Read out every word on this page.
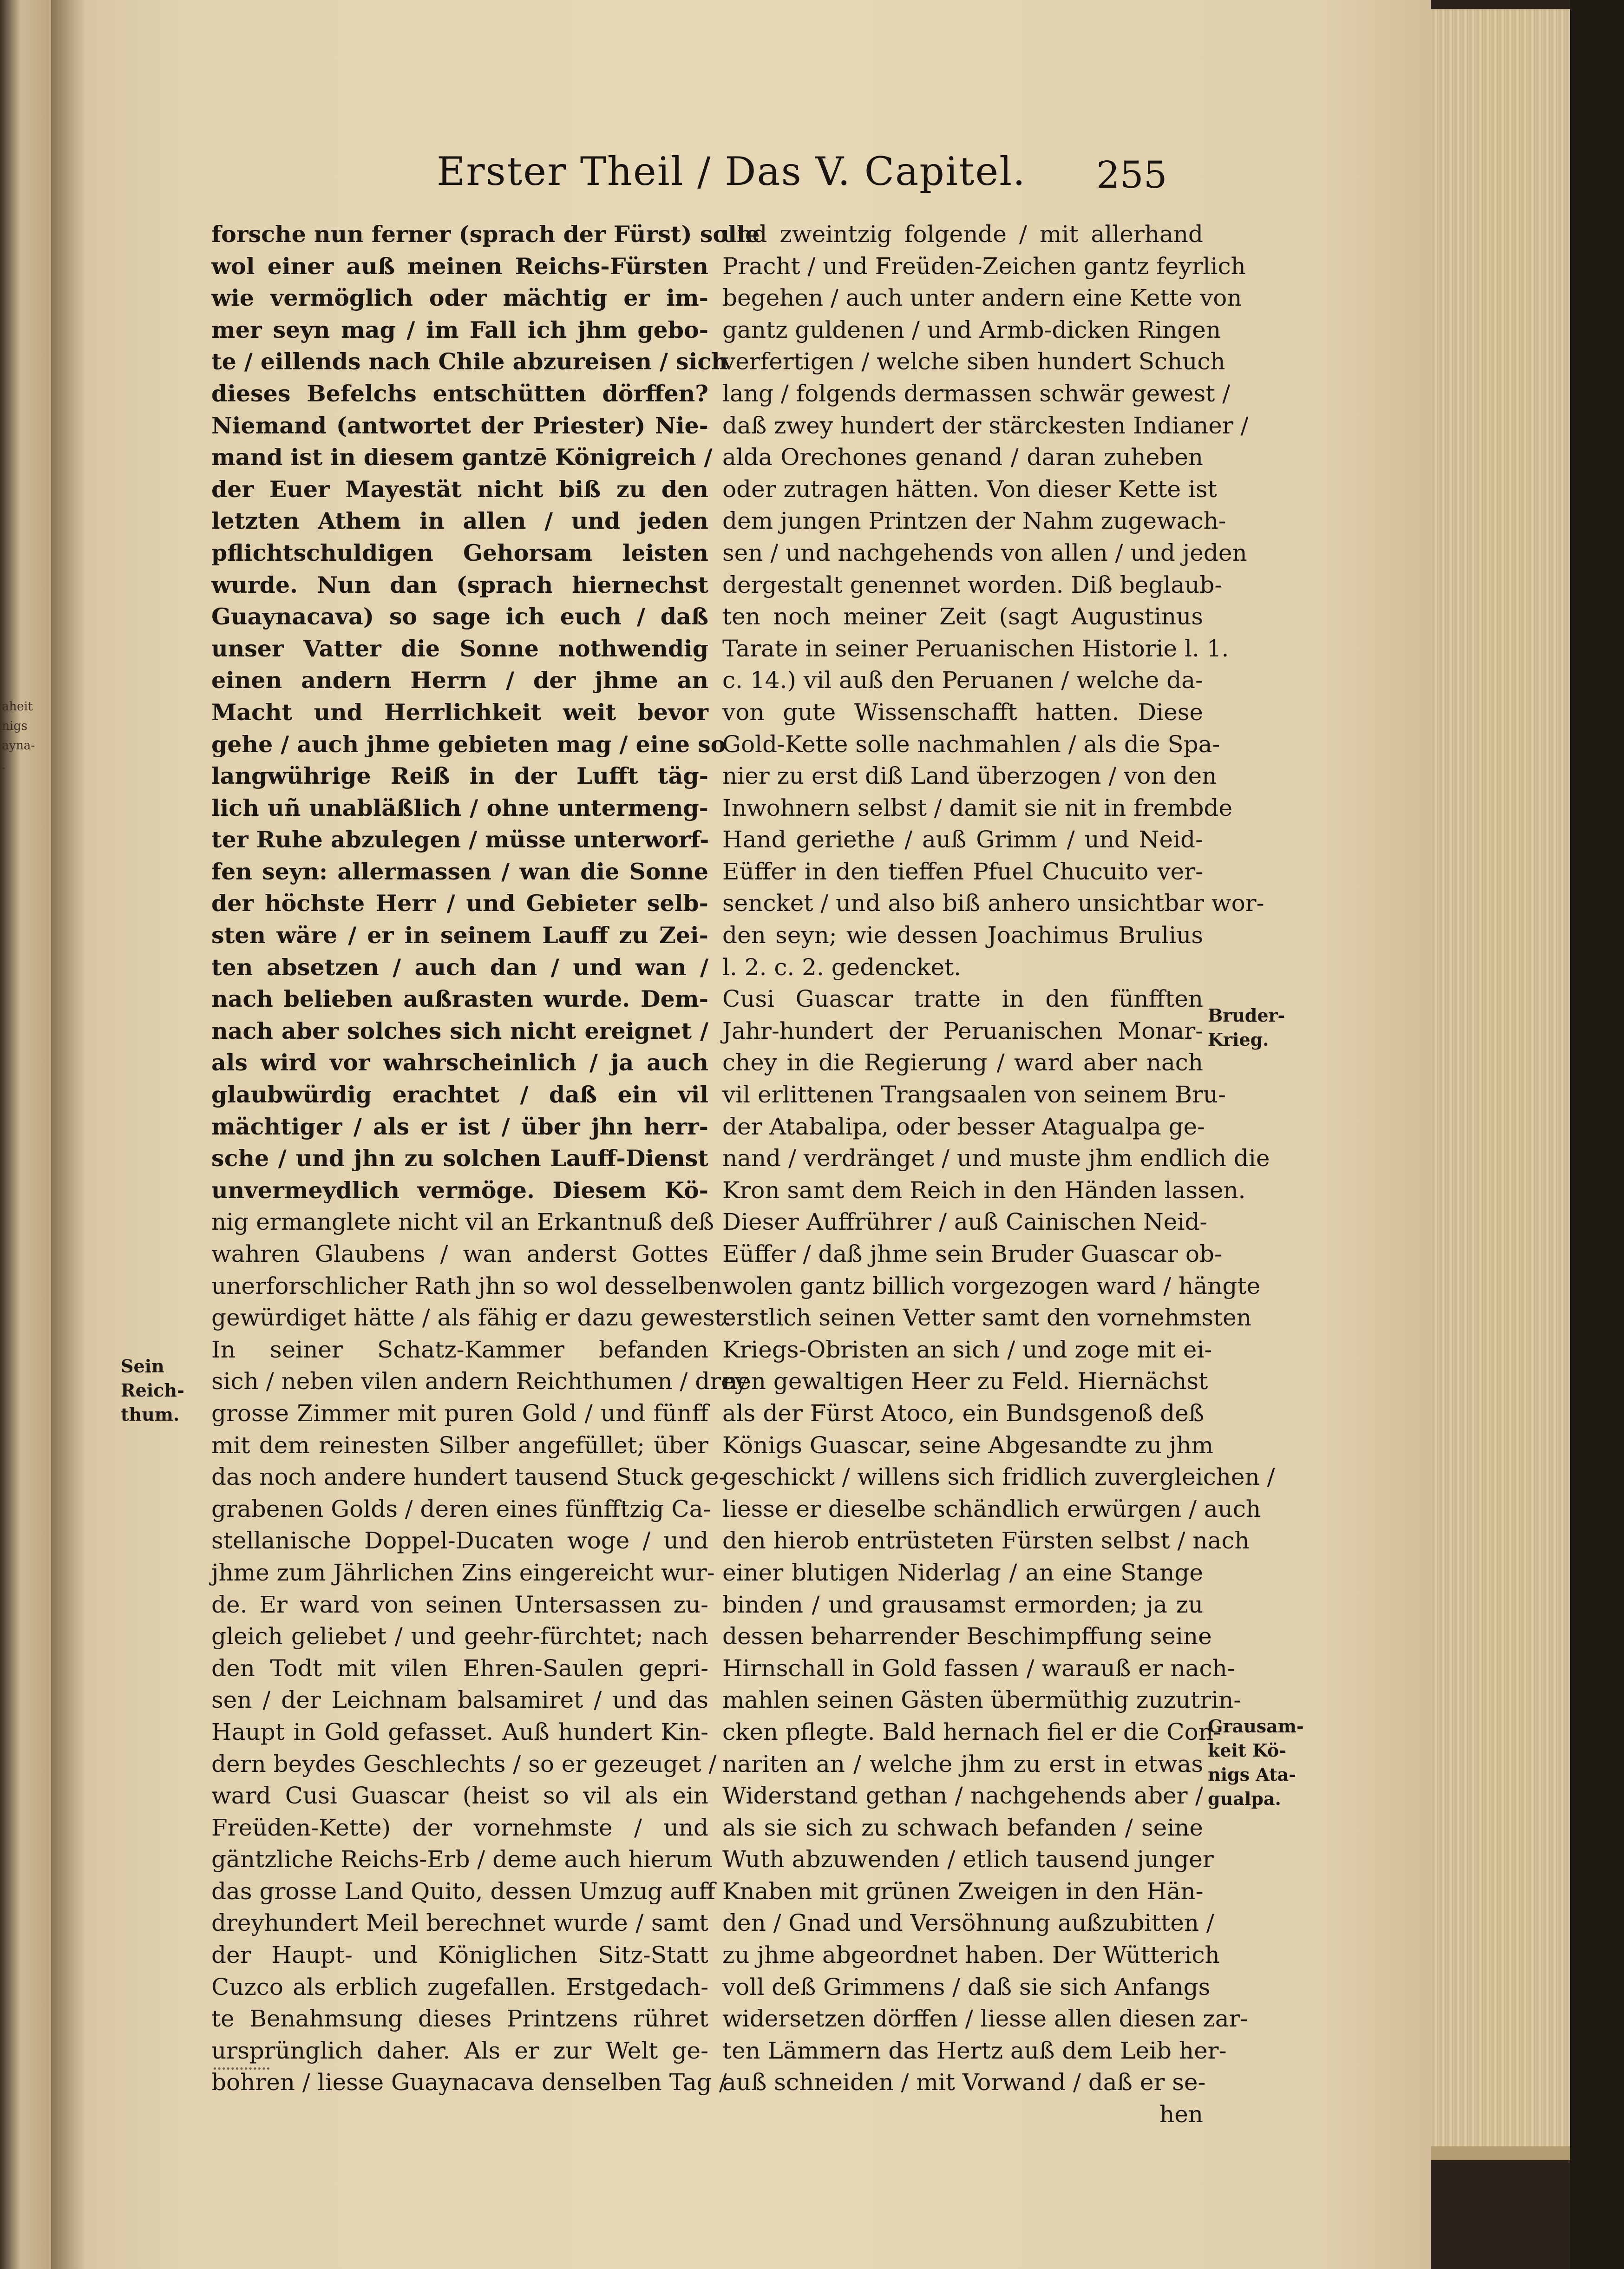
aheit
nigs
ayna-
.
Erster Theil / Das V. Capitel. 255
forsche nun ferner (sprach der Fürst) solle
wol einer auß meinen Reichs-Fürsten
wie vermöglich oder mächtig er im-
mer seyn mag / im Fall ich jhm gebo-
te / eillends nach Chile abzureisen / sich
dieses Befelchs entschütten dörffen?
Niemand (antwortet der Priester) Nie-
mand ist in diesem gantzē Königreich /
der Euer Mayestät nicht biß zu den
letzten Athem in allen / und jeden
pflichtschuldigen Gehorsam leisten
wurde. Nun dan (sprach hiernechst
Guaynacava) so sage ich euch / daß
unser Vatter die Sonne nothwendig
einen andern Herrn / der jhme an
Macht und Herrlichkeit weit bevor
gehe / auch jhme gebieten mag / eine so
langwührige Reiß in der Lufft täg-
lich uñ unabläßlich / ohne untermeng-
ter Ruhe abzulegen / müsse unterworf-
fen seyn: allermassen / wan die Sonne
der höchste Herr / und Gebieter selb-
sten wäre / er in seinem Lauff zu Zei-
ten absetzen / auch dan / und wan /
nach belieben außrasten wurde. Dem-
nach aber solches sich nicht ereignet /
als wird vor wahrscheinlich / ja auch
glaubwürdig erachtet / daß ein vil
mächtiger / als er ist / über jhn herr-
sche / und jhn zu solchen Lauff-Dienst
unvermeydlich vermöge. Diesem Kö-
nig ermanglete nicht vil an Erkantnuß deß
wahren Glaubens / wan anderst Gottes
unerforschlicher Rath jhn so wol desselben
gewürdiget hätte / als fähig er dazu gewest.
In seiner Schatz-Kammer befanden
sich / neben vilen andern Reichthumen / drey
grosse Zimmer mit puren Gold / und fünff
mit dem reinesten Silber angefüllet; über
das noch andere hundert tausend Stuck ge-
grabenen Golds / deren eines fünfftzig Ca-
stellanische Doppel-Ducaten woge / und
jhme zum Jährlichen Zins eingereicht wur-
de. Er ward von seinen Untersassen zu-
gleich geliebet / und geehr-fürchtet; nach
den Todt mit vilen Ehren-Saulen gepri-
sen / der Leichnam balsamiret / und das
Haupt in Gold gefasset. Auß hundert Kin-
dern beydes Geschlechts / so er gezeuget /
ward Cusi Guascar (heist so vil als ein
Freüden-Kette) der vornehmste / und
gäntzliche Reichs-Erb / deme auch hierum
das grosse Land Quito, dessen Umzug auff
dreyhundert Meil berechnet wurde / samt
der Haupt- und Königlichen Sitz-Statt
Cuzco als erblich zugefallen. Erstgedach-
te Benahmsung dieses Printzens rühret
ursprünglich daher. Als er zur Welt ge-
bohren / liesse Guaynacava denselben Tag /
und zweintzig folgende / mit allerhand
Pracht / und Freüden-Zeichen gantz feyrlich
begehen / auch unter andern eine Kette von
gantz guldenen / und Armb-dicken Ringen
verfertigen / welche siben hundert Schuch
lang / folgends dermassen schwär gewest /
daß zwey hundert der stärckesten Indianer /
alda Orechones genand / daran zuheben
oder zutragen hätten. Von dieser Kette ist
dem jungen Printzen der Nahm zugewach-
sen / und nachgehends von allen / und jeden
dergestalt genennet worden. Diß beglaub-
ten noch meiner Zeit (sagt Augustinus
Tarate in seiner Peruanischen Historie l. 1.
c. 14.) vil auß den Peruanen / welche da-
von gute Wissenschafft hatten. Diese
Gold-Kette solle nachmahlen / als die Spa-
nier zu erst diß Land überzogen / von den
Inwohnern selbst / damit sie nit in frembde
Hand geriethe / auß Grimm / und Neid-
Eüffer in den tieffen Pfuel Chucuito ver-
sencket / und also biß anhero unsichtbar wor-
den seyn; wie dessen Joachimus Brulius
l. 2. c. 2. gedencket.
Cusi Guascar tratte in den fünfften
Jahr-hundert der Peruanischen Monar-
chey in die Regierung / ward aber nach
vil erlittenen Trangsaalen von seinem Bru-
der Atabalipa, oder besser Ataguаlpa ge-
nand / verdränget / und muste jhm endlich die
Kron samt dem Reich in den Händen lassen.
Dieser Auffrührer / auß Cainischen Neid-
Eüffer / daß jhme sein Bruder Guascar ob-
wolen gantz billich vorgezogen ward / hängte
erstlich seinen Vetter samt den vornehmsten
Kriegs-Obristen an sich / und zoge mit ei-
nen gewaltigen Heer zu Feld. Hiernächst
als der Fürst Atoco, ein Bundsgenoß deß
Königs Guascar, seine Abgesandte zu jhm
geschickt / willens sich fridlich zuvergleichen /
liesse er dieselbe schändlich erwürgen / auch
den hierob entrüsteten Fürsten selbst / nach
einer blutigen Niderlag / an eine Stange
binden / und grausamst ermorden; ja zu
dessen beharrender Beschimpffung seine
Hirnschall in Gold fassen / warauß er nach-
mahlen seinen Gästen übermüthig zuzutrin-
cken pflegte. Bald hernach fiel er die Con-
nariten an / welche jhm zu erst in etwas
Widerstand gethan / nachgehends aber /
als sie sich zu schwach befanden / seine
Wuth abzuwenden / etlich tausend junger
Knaben mit grünen Zweigen in den Hän-
den / Gnad und Versöhnung außzubitten /
zu jhme abgeordnet haben. Der Wütterich
voll deß Grimmens / daß sie sich Anfangs
widersetzen dörffen / liesse allen diesen zar-
ten Lämmern das Hertz auß dem Leib her-
auß schneiden / mit Vorwand / daß er se-
hen
Sein Reich-thum.
Bruder-Krieg.
Grausam-keit Kö-nigs Ata-gualpa.
